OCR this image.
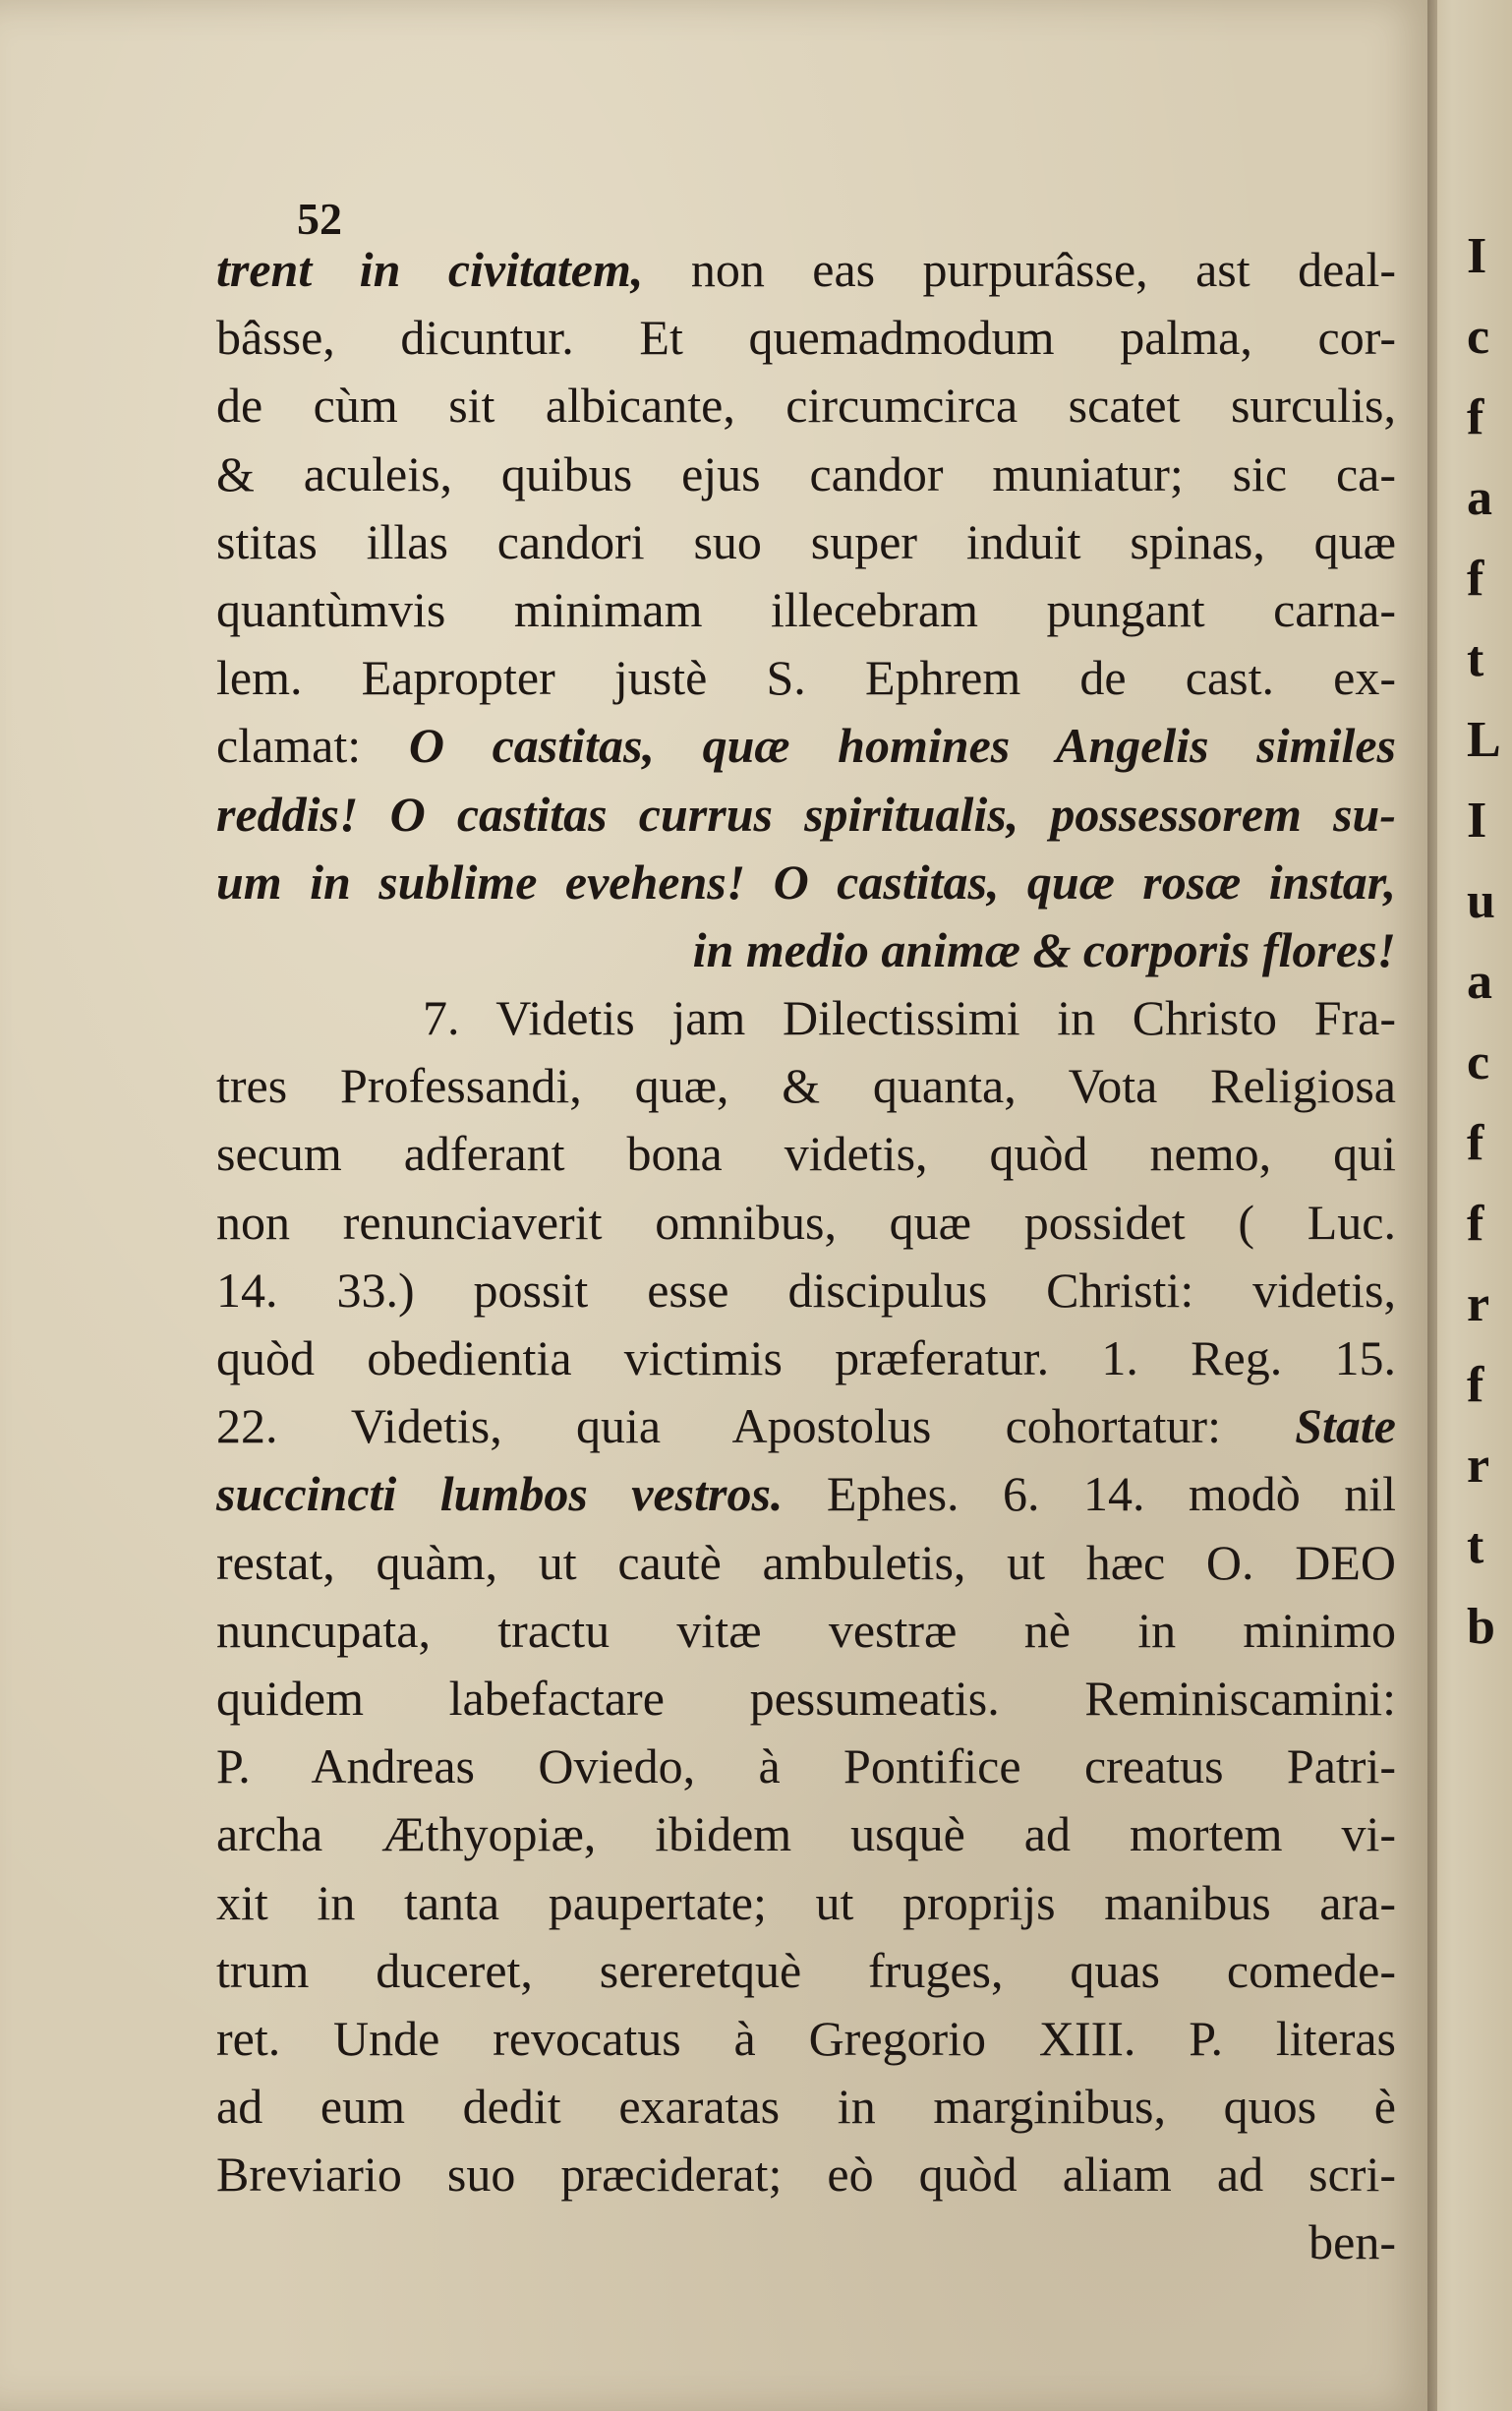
52
trent in civitatem, non eas purpurâsse, ast deal-
bâsse, dicuntur. Et quemadmodum palma, cor-
de cùm sit albicante, circumcirca scatet surculis,
& aculeis, quibus ejus candor muniatur; sic ca-
stitas illas candori suo super induit spinas, quæ
quantùmvis minimam illecebram pungant carna-
lem. Eapropter justè S. Ephrem de cast. ex-
clamat: O castitas, quæ homines Angelis similes
reddis! O castitas currus spiritualis, possessorem su-
um in sublime evehens! O castitas, quæ rosæ instar,
in medio animæ & corporis flores!
7. Videtis jam Dilectissimi in Christo Fra-
tres Professandi, quæ, & quanta, Vota Religiosa
secum adferant bona videtis, quòd nemo, qui
non renunciaverit omnibus, quæ possidet ( Luc.
14. 33.) possit esse discipulus Christi: videtis,
quòd obedientia victimis præferatur. 1. Reg. 15.
22. Videtis, quia Apostolus cohortatur: State
succincti lumbos vestros. Ephes. 6. 14. modò nil
restat, quàm, ut cautè ambuletis, ut hæc O. DEO
nuncupata, tractu vitæ vestræ nè in minimo
quidem labefactare pessumeatis. Reminiscamini:
P. Andreas Oviedo, à Pontifice creatus Patri-
archa Æthyopiæ, ibidem usquè ad mortem vi-
xit in tanta paupertate; ut proprijs manibus ara-
trum duceret, sereretquè fruges, quas comede-
ret. Unde revocatus à Gregorio XIII. P. literas
ad eum dedit exaratas in marginibus, quos è
Breviario suo præciderat; eò quòd aliam ad scri-
ben-
I
c
f
a
f
t
L
I
u
a
c
f
f
r
f
r
t
b
